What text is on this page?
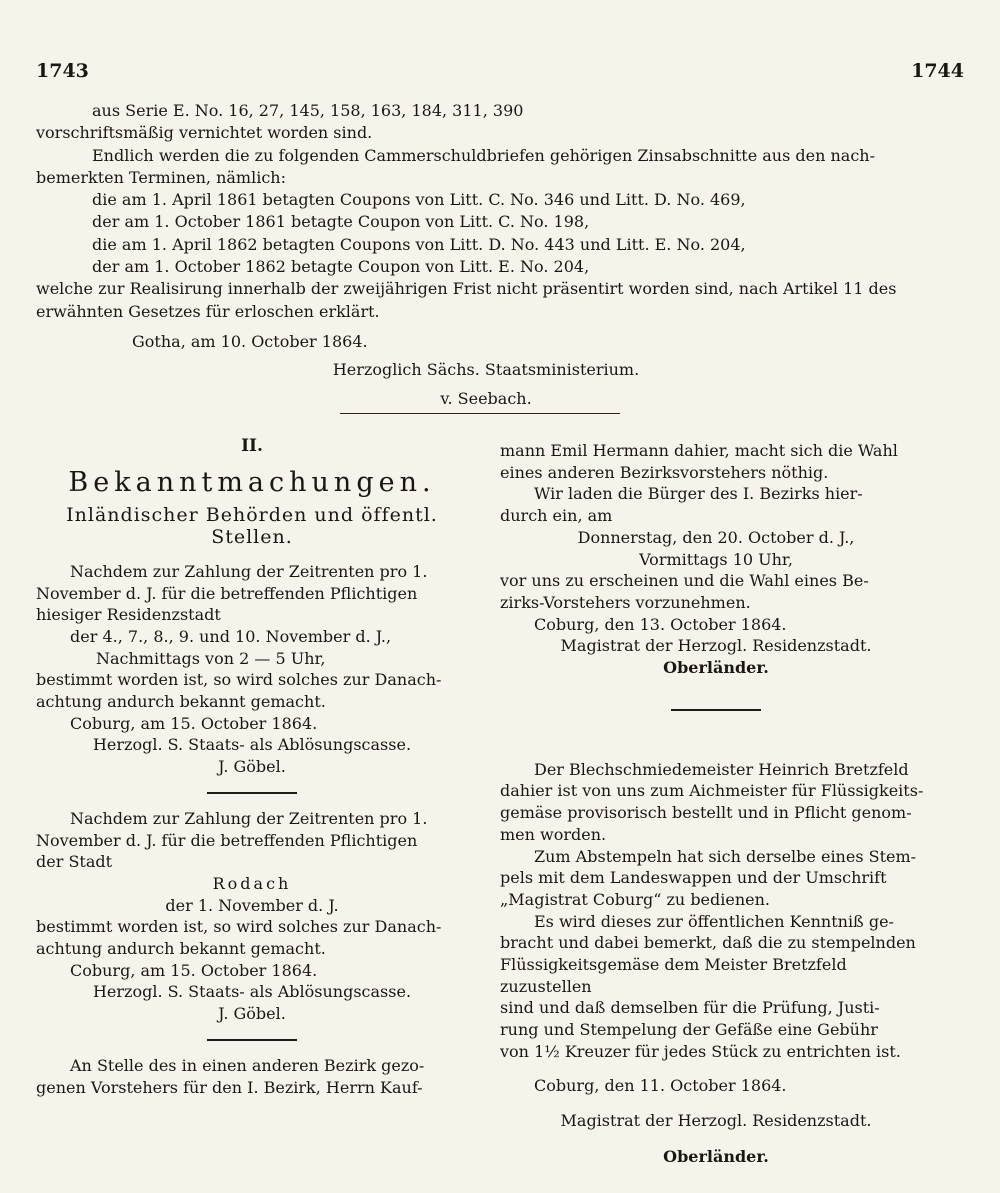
1743	1744

aus Serie E. No. 16, 27, 145, 158, 163, 184, 311, 390

vorschriftsmäßig vernichtet worden sind.

Endlich werden die zu folgenden Cammerschuldbriefen gehörigen Zinsabschnitte aus den nach-

bemerkten Terminen, nämlich:

die am 1. April 1861 betagten Coupons von Litt. C. No. 346 und Litt. D. No. 469,

der am 1. October 1861 betagte Coupon von Litt. C. No. 198,

die am 1. April 1862 betagten Coupons von Litt. D. No. 443 und Litt. E. No. 204,

der am 1. October 1862 betagte Coupon von Litt. E. No. 204,

welche zur Realisirung innerhalb der zweijährigen Frist nicht präsentirt worden sind, nach Artikel 11 des

erwähnten Gesetzes für erloschen erklärt.

Gotha, am 10. October 1864.

Herzoglich Sächs. Staatsministerium.

v. Seebach.

II.

Bekanntmachungen.

Inländischer Behörden und öffentl. Stellen.

Nachdem zur Zahlung der Zeitrenten pro 1.

November d. J. für die betreffenden Pflichtigen

hiesiger Residenzstadt

der 4., 7., 8., 9. und 10. November d. J.,

Nachmittags von 2 — 5 Uhr,

bestimmt worden ist, so wird solches zur Danach-

achtung andurch bekannt gemacht.

Coburg, am 15. October 1864.

Herzogl. S. Staats- als Ablösungscasse.

J. Göbel.

Nachdem zur Zahlung der Zeitrenten pro 1.

November d. J. für die betreffenden Pflichtigen

der Stadt

Rodach

der 1. November d. J.

bestimmt worden ist, so wird solches zur Danach-

achtung andurch bekannt gemacht.

Coburg, am 15. October 1864.

Herzogl. S. Staats- als Ablösungscasse.

J. Göbel.

An Stelle des in einen anderen Bezirk gezo-

genen Vorstehers für den I. Bezirk, Herrn Kauf-

mann Emil Hermann dahier, macht sich die Wahl

eines anderen Bezirksvorstehers nöthig.

Wir laden die Bürger des I. Bezirks hier-

durch ein, am

Donnerstag, den 20. October d. J.,

Vormittags 10 Uhr,

vor uns zu erscheinen und die Wahl eines Be-

zirks-Vorstehers vorzunehmen.

Coburg, den 13. October 1864.

Magistrat der Herzogl. Residenzstadt.

Oberländer.

Der Blechschmiedemeister Heinrich Bretzfeld

dahier ist von uns zum Aichmeister für Flüssigkeits-

gemäse provisorisch bestellt und in Pflicht genom-

men worden.

Zum Abstempeln hat sich derselbe eines Stem-

pels mit dem Landeswappen und der Umschrift

„Magistrat Coburg“ zu bedienen.

Es wird dieses zur öffentlichen Kenntniß ge-

bracht und dabei bemerkt, daß die zu stempelnden

Flüssigkeitsgemäse dem Meister Bretzfeld zuzustellen

sind und daß demselben für die Prüfung, Justi-

rung und Stempelung der Gefäße eine Gebühr

von 1½ Kreuzer für jedes Stück zu entrichten ist.

Coburg, den 11. October 1864.

Magistrat der Herzogl. Residenzstadt.

Oberländer.
